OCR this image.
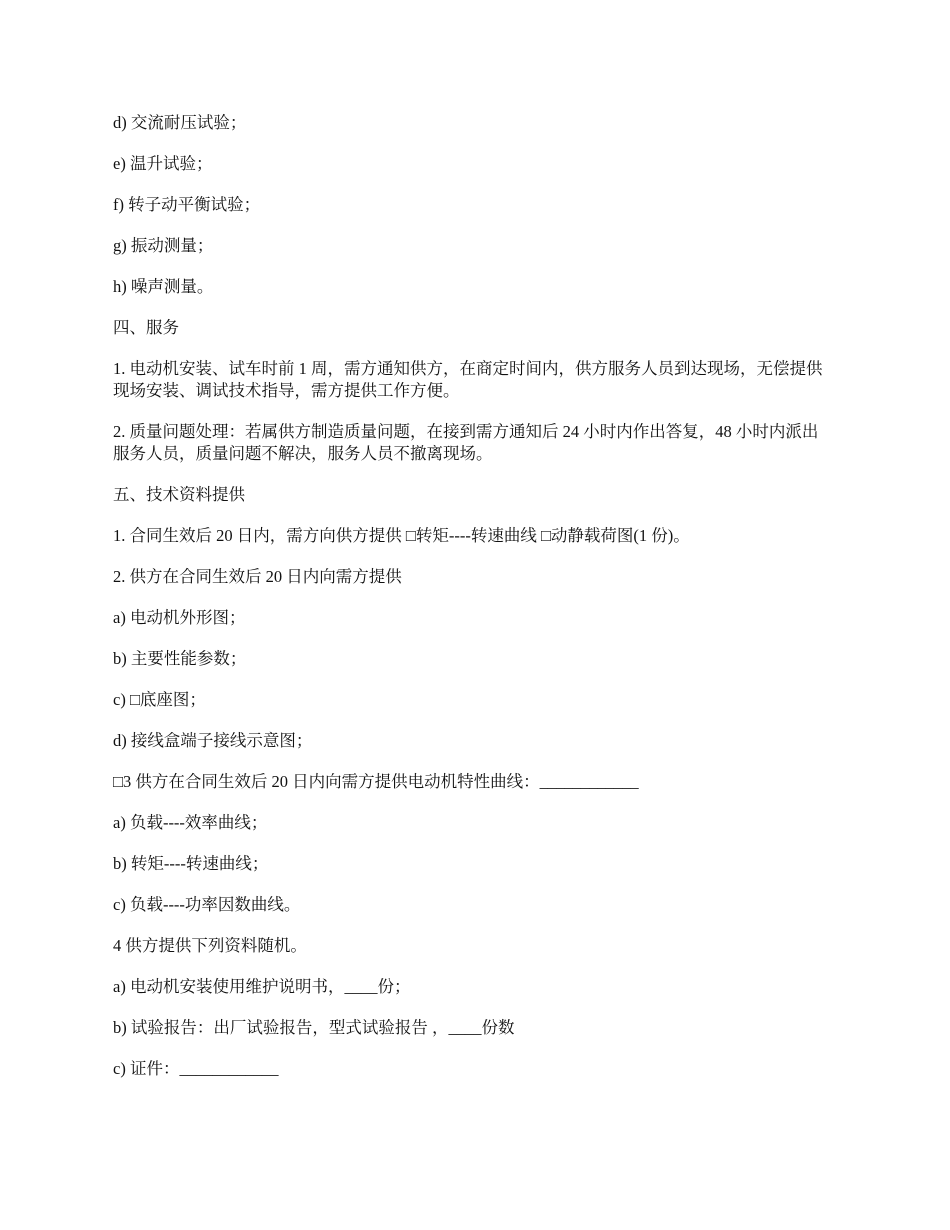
d) 交流耐压试验；

e) 温升试验；

f) 转子动平衡试验；

g) 振动测量；

h) 噪声测量。

四、服务

1. 电动机安装、试车时前 1 周，需方通知供方，在商定时间内，供方服务人员到达现场，无偿提供现场安装、调试技术指导，需方提供工作方便。

2. 质量问题处理：若属供方制造质量问题，在接到需方通知后 24 小时内作出答复，48 小时内派出服务人员，质量问题不解决，服务人员不撤离现场。

五、技术资料提供

1. 合同生效后 20 日内，需方向供方提供 □转矩----转速曲线 □动静载荷图(1 份)。

2. 供方在合同生效后 20 日内向需方提供

a) 电动机外形图；

b) 主要性能参数；

c) □底座图；

d) 接线盒端子接线示意图；

□3 供方在合同生效后 20 日内向需方提供电动机特性曲线：____________

a) 负载----效率曲线；

b) 转矩----转速曲线；

c) 负载----功率因数曲线。

4 供方提供下列资料随机。

a) 电动机安装使用维护说明书，____份；

b) 试验报告：出厂试验报告，型式试验报告 ，____份数

c) 证件：____________
